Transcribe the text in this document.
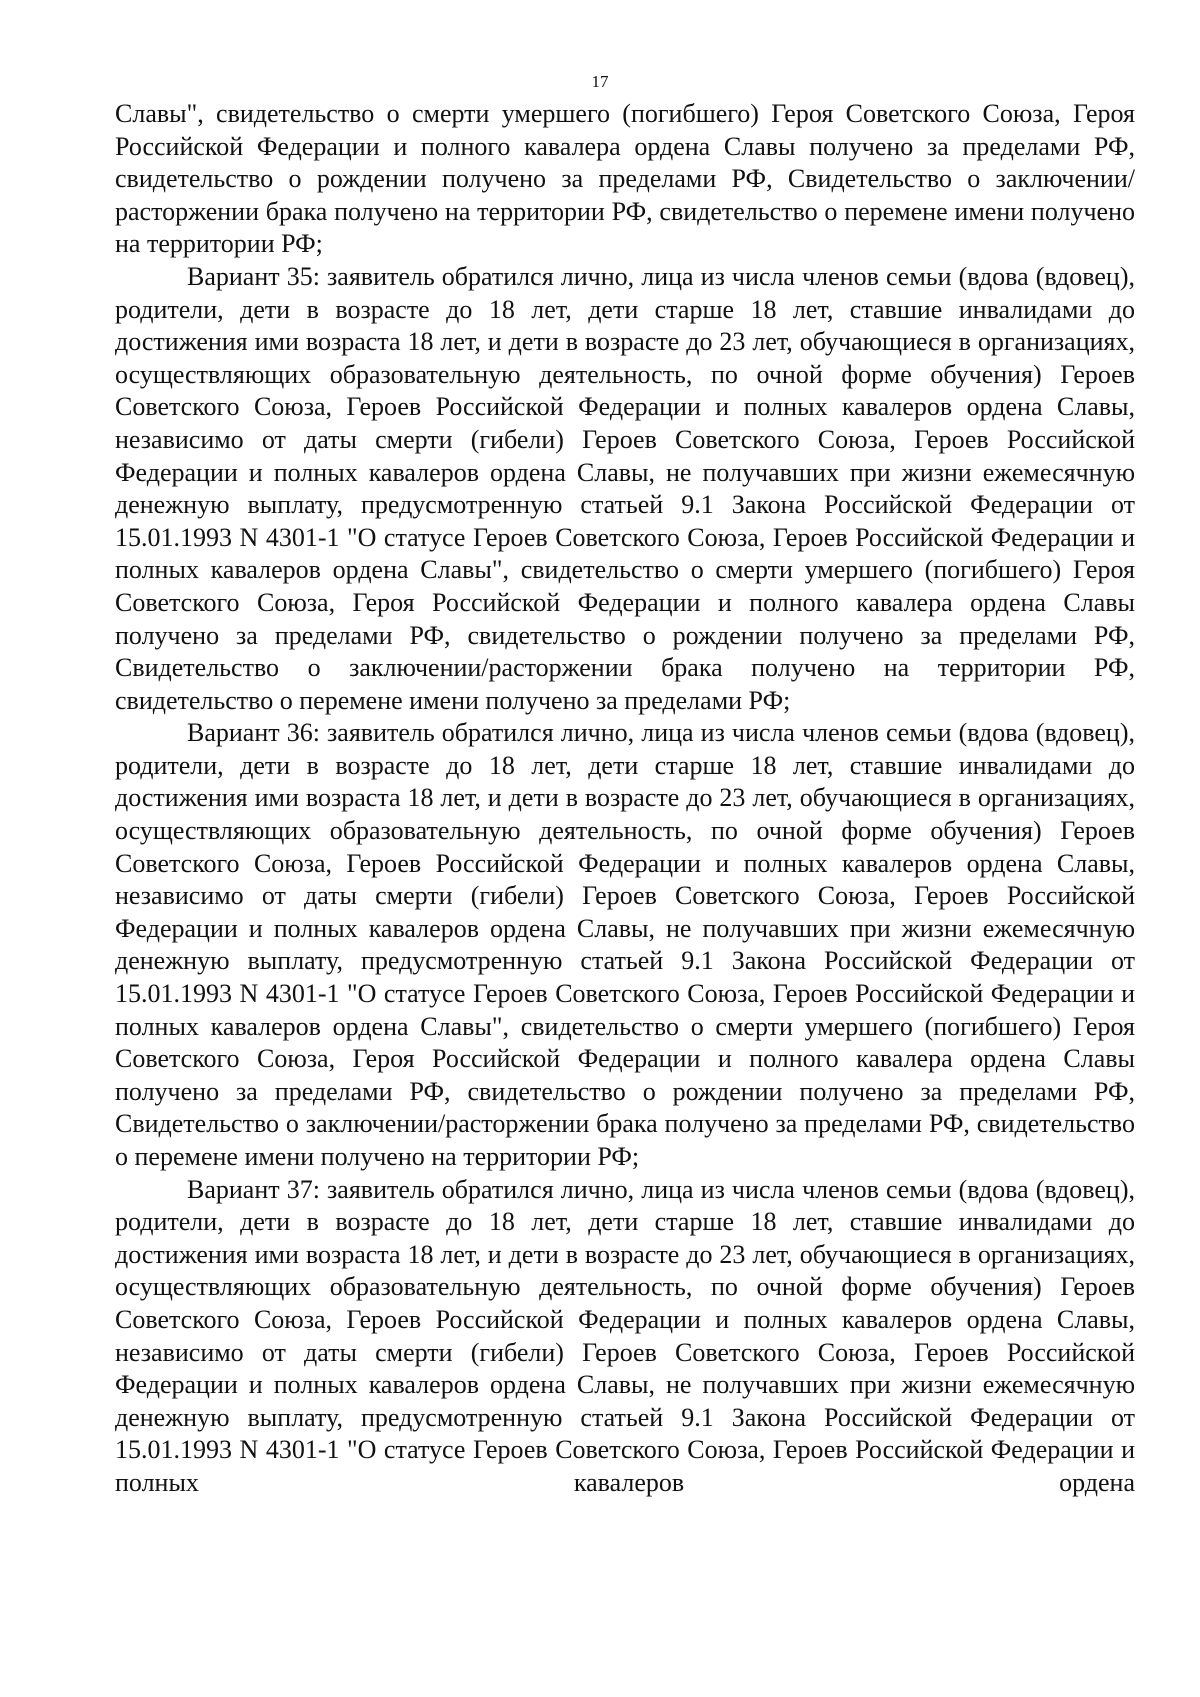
17

Славы", свидетельство о смерти умершего (погибшего) Героя Советского Союза, Героя Российской Федерации и полного кавалера ордена Славы получено за пределами РФ, свидетельство о рождении получено за пределами РФ, Свидетельство о заключении/расторжении брака получено на территории РФ, свидетельство о перемене имени получено на территории РФ;

Вариант 35: заявитель обратился лично, лица из числа членов семьи (вдова (вдовец), родители, дети в возрасте до 18 лет, дети старше 18 лет, ставшие инвалидами до достижения ими возраста 18 лет, и дети в возрасте до 23 лет, обучающиеся в организациях, осуществляющих образовательную деятельность, по очной форме обучения) Героев Советского Союза, Героев Российской Федерации и полных кавалеров ордена Славы, независимо от даты смерти (гибели) Героев Советского Союза, Героев Российской Федерации и полных кавалеров ордена Славы, не получавших при жизни ежемесячную денежную выплату, предусмотренную статьей 9.1 Закона Российской Федерации от 15.01.1993 N 4301-1 "О статусе Героев Советского Союза, Героев Российской Федерации и полных кавалеров ордена Славы", свидетельство о смерти умершего (погибшего) Героя Советского Союза, Героя Российской Федерации и полного кавалера ордена Славы получено за пределами РФ, свидетельство о рождении получено за пределами РФ, Свидетельство о заключении/расторжении брака получено на территории РФ, свидетельство о перемене имени получено за пределами РФ;

Вариант 36: заявитель обратился лично, лица из числа членов семьи (вдова (вдовец), родители, дети в возрасте до 18 лет, дети старше 18 лет, ставшие инвалидами до достижения ими возраста 18 лет, и дети в возрасте до 23 лет, обучающиеся в организациях, осуществляющих образовательную деятельность, по очной форме обучения) Героев Советского Союза, Героев Российской Федерации и полных кавалеров ордена Славы, независимо от даты смерти (гибели) Героев Советского Союза, Героев Российской Федерации и полных кавалеров ордена Славы, не получавших при жизни ежемесячную денежную выплату, предусмотренную статьей 9.1 Закона Российской Федерации от 15.01.1993 N 4301-1 "О статусе Героев Советского Союза, Героев Российской Федерации и полных кавалеров ордена Славы", свидетельство о смерти умершего (погибшего) Героя Советского Союза, Героя Российской Федерации и полного кавалера ордена Славы получено за пределами РФ, свидетельство о рождении получено за пределами РФ, Свидетельство о заключении/расторжении брака получено за пределами РФ, свидетельство о перемене имени получено на территории РФ;

Вариант 37: заявитель обратился лично, лица из числа членов семьи (вдова (вдовец), родители, дети в возрасте до 18 лет, дети старше 18 лет, ставшие инвалидами до достижения ими возраста 18 лет, и дети в возрасте до 23 лет, обучающиеся в организациях, осуществляющих образовательную деятельность, по очной форме обучения) Героев Советского Союза, Героев Российской Федерации и полных кавалеров ордена Славы, независимо от даты смерти (гибели) Героев Советского Союза, Героев Российской Федерации и полных кавалеров ордена Славы, не получавших при жизни ежемесячную денежную выплату, предусмотренную статьей 9.1 Закона Российской Федерации от 15.01.1993 N 4301-1 "О статусе Героев Советского Союза, Героев Российской Федерации и полных кавалеров ордена
